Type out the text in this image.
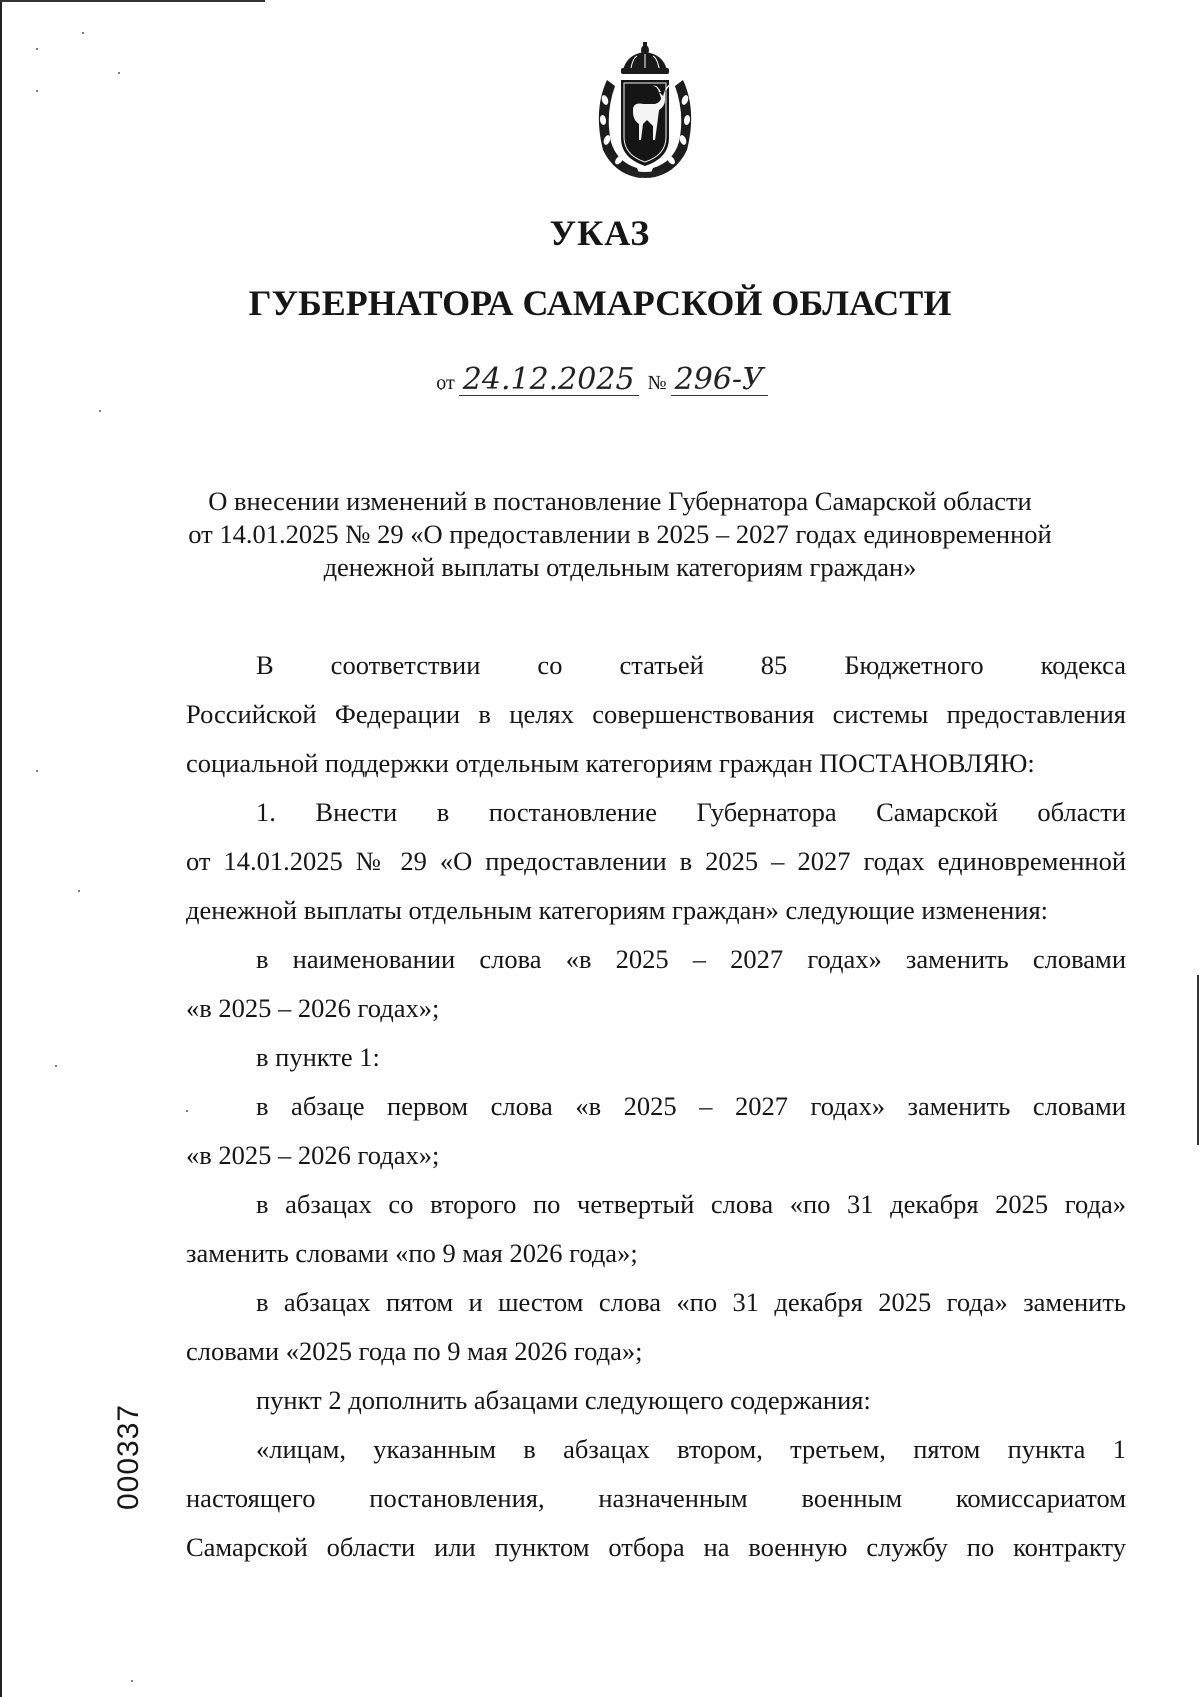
УКАЗ
ГУБЕРНАТОРА САМАРСКОЙ ОБЛАСТИ
от 24.12.2025 № 296-У

О внесении изменений в постановление Губернатора Самарской области

от 14.01.2025 № 29 «О предоставлении в 2025 – 2027 годах единовременной

денежной выплаты отдельным категориям граждан»

В соответствии со статьей 85 Бюджетного кодекса

Российской Федерации в целях совершенствования системы предоставления

социальной поддержки отдельным категориям граждан ПОСТАНОВЛЯЮ:

1. Внести в постановление Губернатора Самарской области

от 14.01.2025 № 29 «О предоставлении в 2025 – 2027 годах единовременной

денежной выплаты отдельным категориям граждан» следующие изменения:

в наименовании слова «в 2025 – 2027 годах» заменить словами

«в 2025 – 2026 годах»;

в пункте 1:

в абзаце первом слова «в 2025 – 2027 годах» заменить словами

«в 2025 – 2026 годах»;

в абзацах со второго по четвертый слова «по 31 декабря 2025 года»

заменить словами «по 9 мая 2026 года»;

в абзацах пятом и шестом слова «по 31 декабря 2025 года» заменить

словами «2025 года по 9 мая 2026 года»;

пункт 2 дополнить абзацами следующего содержания:

«лицам, указанным в абзацах втором, третьем, пятом пункта 1

настоящего постановления, назначенным военным комиссариатом

Самарской области или пунктом отбора на военную службу по контракту

000337
